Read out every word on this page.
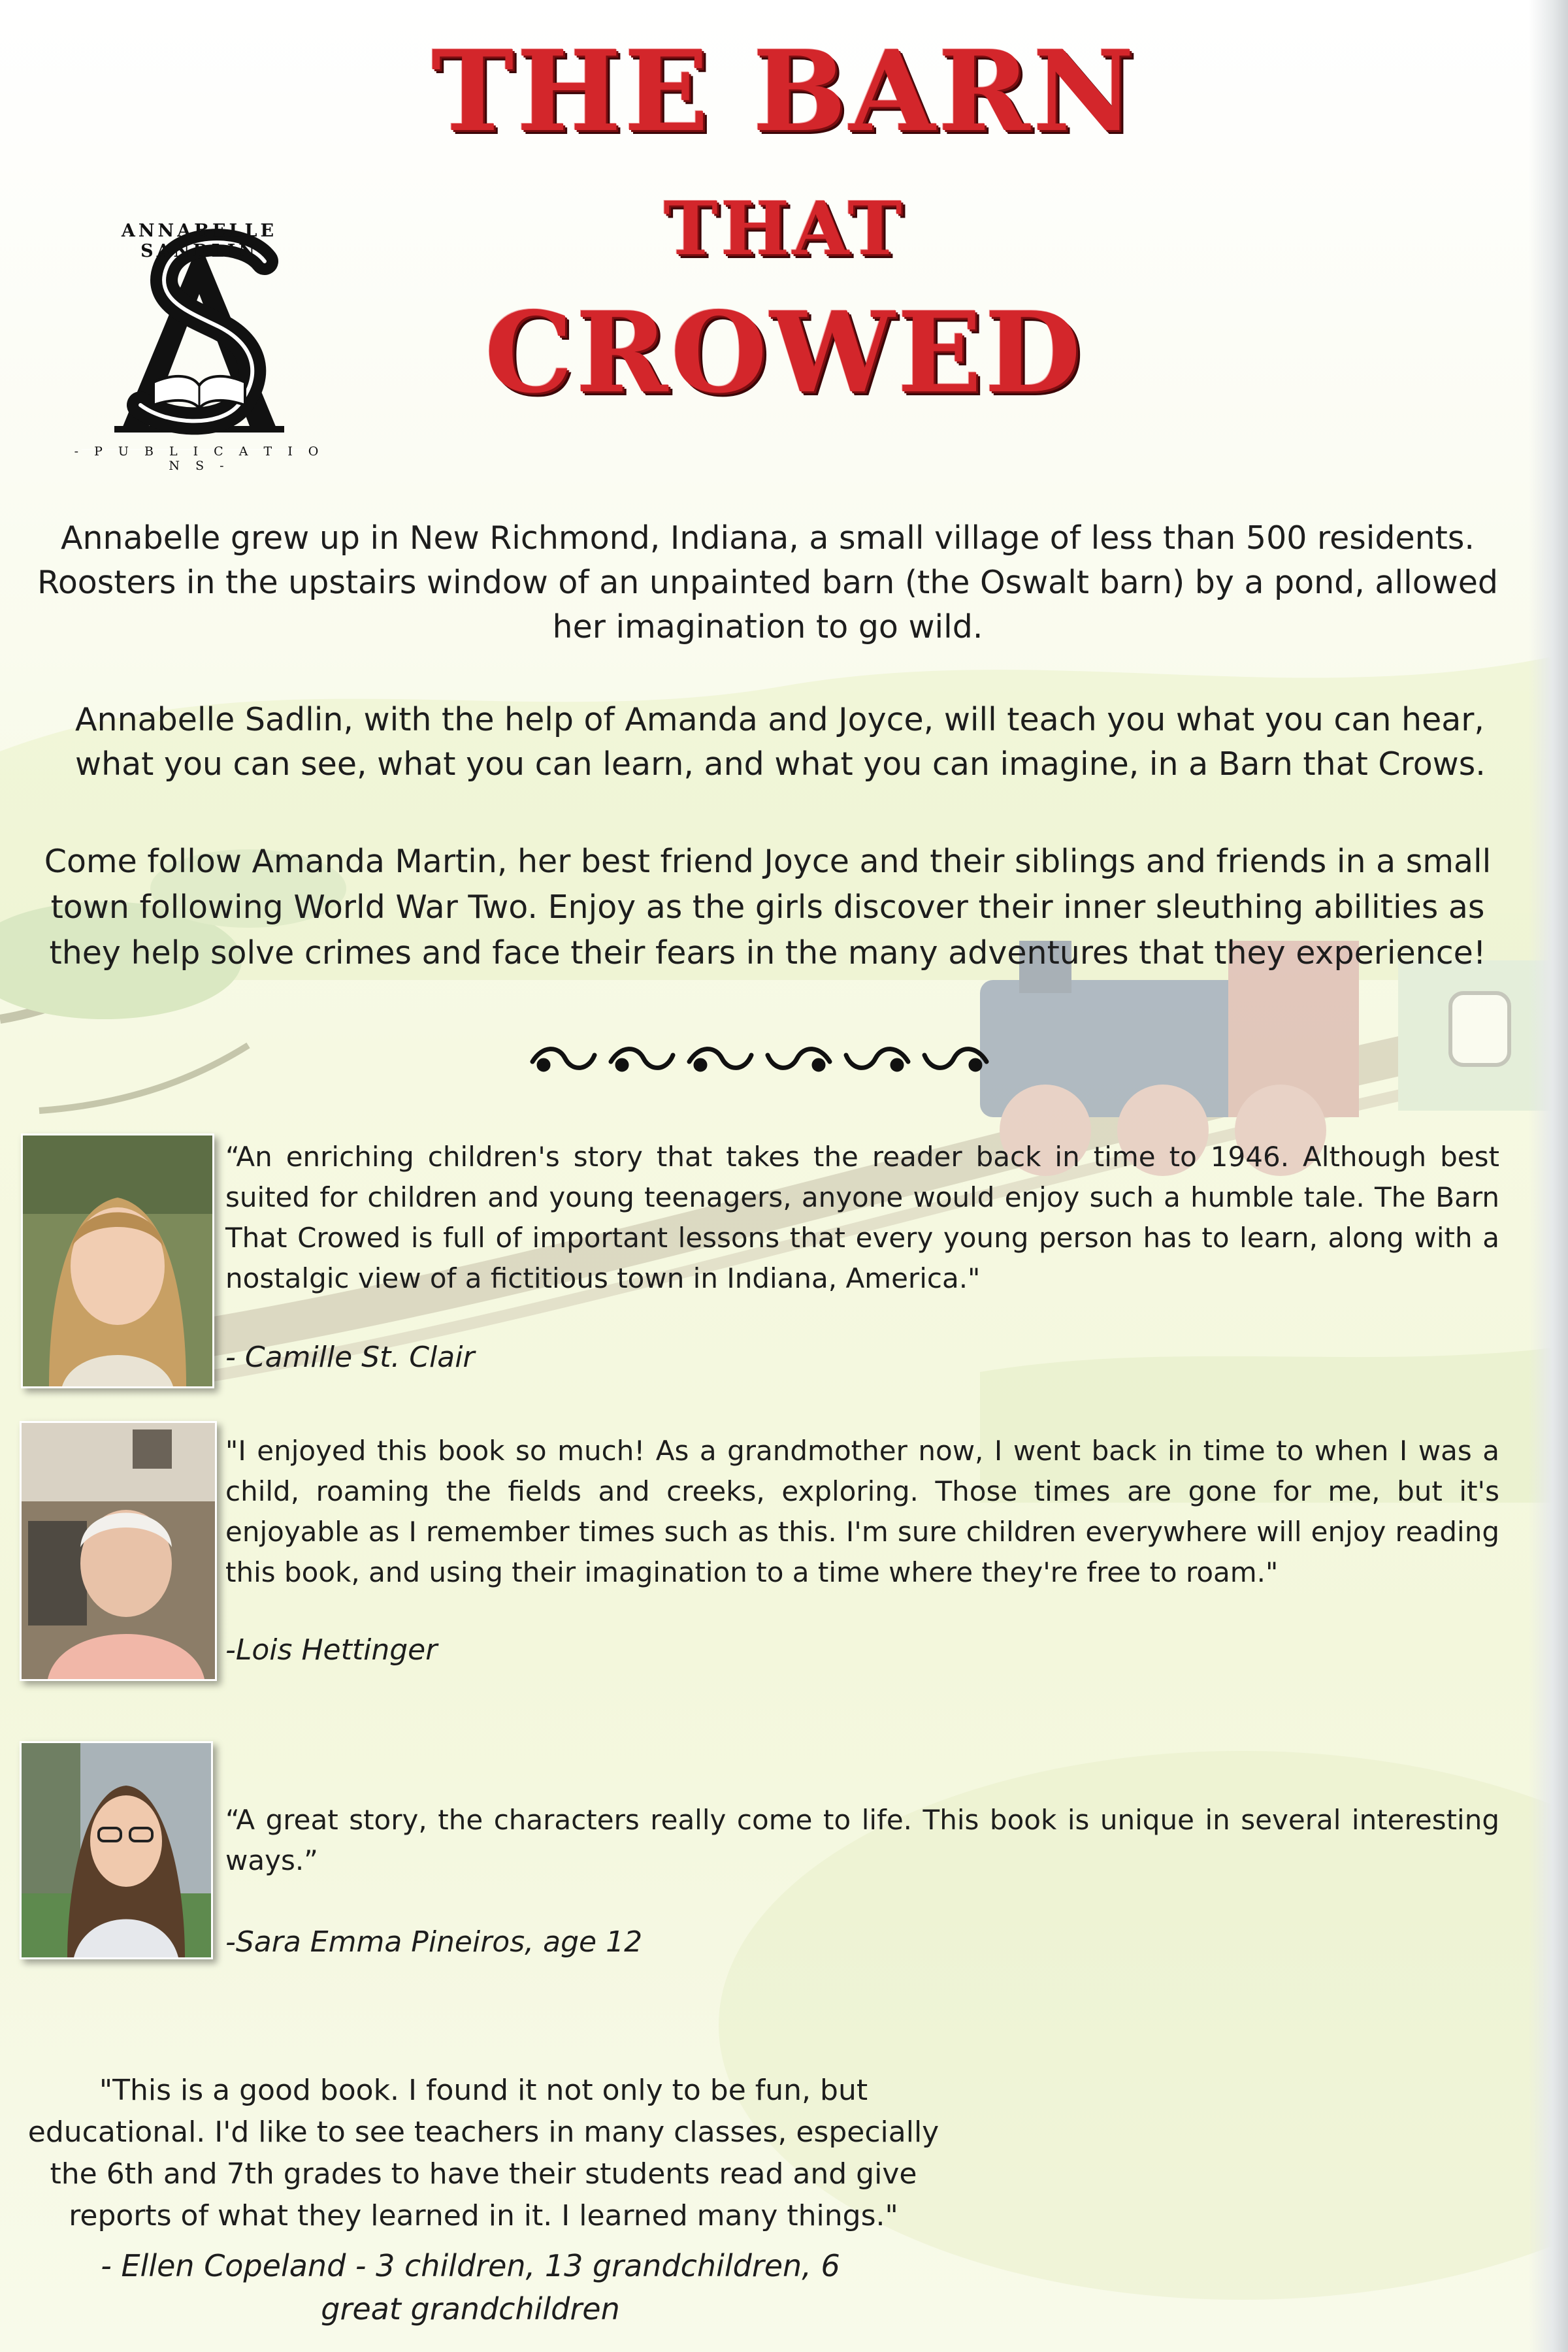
ANNABELLE SANDLIN
- P U B L I C A T I O N S -
THE BARN
THAT
CROWED
Annabelle grew up in New Richmond, Indiana, a small village of less than 500 residents. Roosters in the upstairs window of an unpainted barn (the Oswalt barn) by a pond, allowed her imagination to go wild.
Annabelle Sadlin, with the help of Amanda and Joyce, will teach you what you can hear, what you can see, what you can learn, and what you can imagine, in a Barn that Crows.
Come follow Amanda Martin, her best friend Joyce and their siblings and friends in a small town following World War Two. Enjoy as the girls discover their inner sleuthing abilities as they help solve crimes and face their fears in the many adventures that they experience!
“An enriching children's story that takes the reader back in time to 1946. Although best suited for children and young teenagers, anyone would enjoy such a humble tale. The Barn That Crowed is full of important lessons that every young person has to learn, along with a nostalgic view of a fictitious town in Indiana, America."
- Camille St. Clair
"I enjoyed this book so much! As a grandmother now, I went back in time to when I was a child, roaming the fields and creeks, exploring. Those times are gone for me, but it's enjoyable as I remember times such as this. I'm sure children everywhere will enjoy reading this book, and using their imagination to a time where they're free to roam."
-Lois Hettinger
“A great story, the characters really come to life. This book is unique in several interesting ways.”
-Sara Emma Pineiros, age 12
"This is a good book. I found it not only to be fun, but educational. I'd like to see teachers in many classes, especially the 6th and 7th grades to have their students read and give reports of what they learned in it. I learned many things."
- Ellen Copeland - 3 children, 13 grandchildren, 6 great grandchildren
